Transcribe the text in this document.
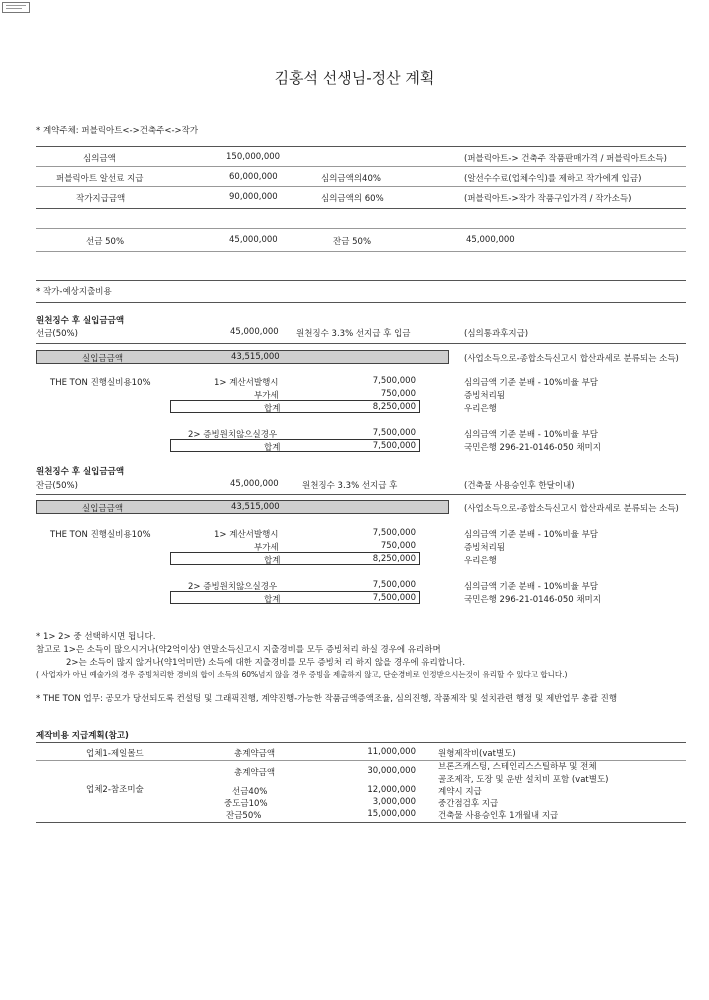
김홍석 선생님-정산 계획
* 계약주체: 퍼블릭아트<->건축주<->작가
심의금액	150,000,000	(퍼블릭아트-> 건축주 작품판매가격 / 퍼블릭아트소득)
퍼블릭아트 알선료 지급	60,000,000	심의금액의40%	(알선수수료(업체수익)를 제하고 작가에게 입금)
작가지급금액	90,000,000	심의금액의 60%	(퍼블릭아트->작가 작품구입가격 / 작가소득)
선금 50%	45,000,000	잔금 50%	45,000,000
* 작가-예상지출비용
원천징수 후 실입금금액
선금(50%)	45,000,000 원천징수 3.3% 선지급 후 입금	(심의통과후지급)
실입금금액	43,515,000	(사업소득으로-종합소득신고시 합산과세로 분류되는 소득)
THE TON 진행실비용10%	1> 계산서발행시	7,500,000	심의금액 기준 분배 - 10%비율 부담
부가세	750,000	증빙처리됨
합계	8,250,000	우리은행
2> 증빙원치않으실경우	7,500,000	심의금액 기준 분배 - 10%비율 부담
합계	7,500,000	국민은행 296-21-0146-050 채미지
원천징수 후 실입금금액
잔금(50%)	45,000,000	원천징수 3.3% 선지급 후	(건축물 사용승인후 한달이내)
실입금금액	43,515,000	(사업소득으로-종합소득신고시 합산과세로 분류되는 소득)
THE TON 진행실비용10%	1> 계산서발행시	7,500,000	심의금액 기준 분배 - 10%비율 부담
부가세	750,000	증빙처리됨
합계	8,250,000	우리은행
2> 증빙원치않으실경우	7,500,000	심의금액 기준 분배 - 10%비율 부담
합계	7,500,000	국민은행 296-21-0146-050 채미지
* 1> 2> 중 선택하시면 됩니다.
참고로 1>은 소득이 많으시거나(약2억이상) 연말소득신고시 지출경비를 모두 증빙처리 하실 경우에 유리하며
2>는 소득이 많지 않거나(약1억미만) 소득에 대한 지출경비를 모두 증빙처 리 하지 않을 경우에 유리합니다.
( 사업자가 아닌 예술가의 경우 증빙처리한 경비의 합이 소득의 60%넘지 않을 경우 증빙을 제출하지 않고, 단순경비로 인정받으시는것이 유리할 수 있다고 합니다.)
* THE TON 업무: 공모가 당선되도록 컨설팅 및 그래픽진행, 계약진행-가능한 작품금액증액조율, 심의진행, 작품제작 및 설치관련 행정 및 제반업무 총괄 진행
제작비용 지급계획(참고)
업체1-제일몰드	총계약금액	11,000,000	원형제작비(vat별도)
업체2-참조미술
총계약금액	30,000,000	브론즈캐스팅, 스테인리스스틸하부 및 전체
골조제작, 도장 및 운반 설치비 포함 (vat별도)
선금40%	12,000,000	계약시 지급
중도금10%	3,000,000	중간점검후 지급
잔금50%	15,000,000	건축물 사용승인후 1개월내 지급
